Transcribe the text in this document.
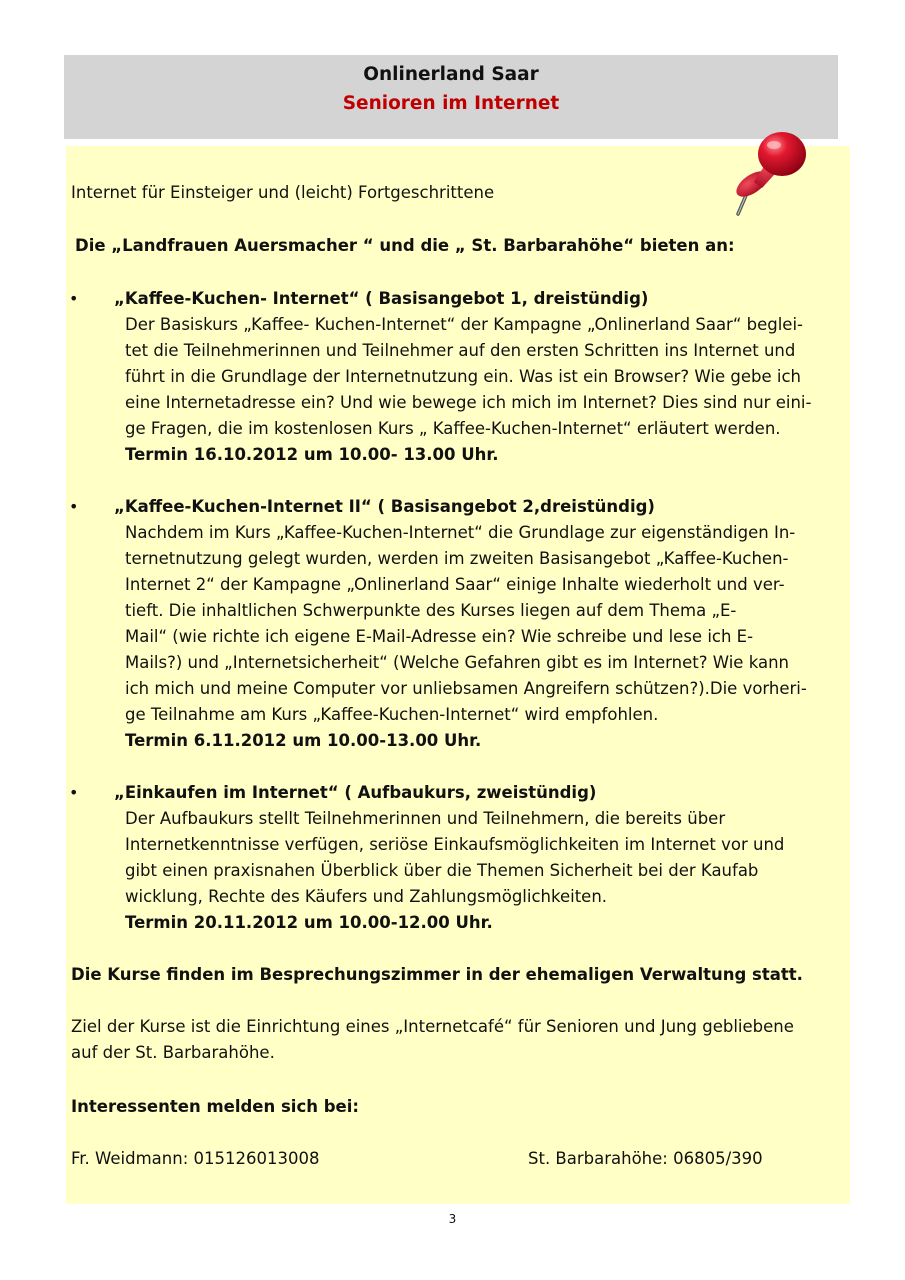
Onlinerland Saar
Senioren im Internet
Internet für Einsteiger und (leicht) Fortgeschrittene
Die „Landfrauen Auersmacher “ und die „ St. Barbarahöhe“ bieten an:
• „Kaffee-Kuchen- Internet“ ( Basisangebot 1, dreistündig)
Der Basiskurs „Kaffee- Kuchen-Internet“ der Kampagne „Onlinerland Saar“ beglei-
tet die Teilnehmerinnen und Teilnehmer auf den ersten Schritten ins Internet und
führt in die Grundlage der Internetnutzung ein. Was ist ein Browser? Wie gebe ich
eine Internetadresse ein? Und wie bewege ich mich im Internet? Dies sind nur eini-
ge Fragen, die im kostenlosen Kurs „ Kaffee-Kuchen-Internet“ erläutert werden.
Termin 16.10.2012 um 10.00- 13.00 Uhr.
• „Kaffee-Kuchen-Internet II“ ( Basisangebot 2,dreistündig)
Nachdem im Kurs „Kaffee-Kuchen-Internet“ die Grundlage zur eigenständigen In-
ternetnutzung gelegt wurden, werden im zweiten Basisangebot „Kaffee-Kuchen-
Internet 2“ der Kampagne „Onlinerland Saar“ einige Inhalte wiederholt und ver-
tieft. Die inhaltlichen Schwerpunkte des Kurses liegen auf dem Thema „E-
Mail“ (wie richte ich eigene E-Mail-Adresse ein? Wie schreibe und lese ich E-
Mails?) und „Internetsicherheit“ (Welche Gefahren gibt es im Internet? Wie kann
ich mich und meine Computer vor unliebsamen Angreifern schützen?).Die vorheri-
ge Teilnahme am Kurs „Kaffee-Kuchen-Internet“ wird empfohlen.
Termin 6.11.2012 um 10.00-13.00 Uhr.
• „Einkaufen im Internet“ ( Aufbaukurs, zweistündig)
Der Aufbaukurs stellt Teilnehmerinnen und Teilnehmern, die bereits über
Internetkenntnisse verfügen, seriöse Einkaufsmöglichkeiten im Internet vor und
gibt einen praxisnahen Überblick über die Themen Sicherheit bei der Kaufab
wicklung, Rechte des Käufers und Zahlungsmöglichkeiten.
Termin 20.11.2012 um 10.00-12.00 Uhr.
Die Kurse finden im Besprechungszimmer in der ehemaligen Verwaltung statt.
Ziel der Kurse ist die Einrichtung eines „Internetcafé“ für Senioren und Jung gebliebene
auf der St. Barbarahöhe.
Interessenten melden sich bei:
Fr. Weidmann: 015126013008	St. Barbarahöhe: 06805/390
3
